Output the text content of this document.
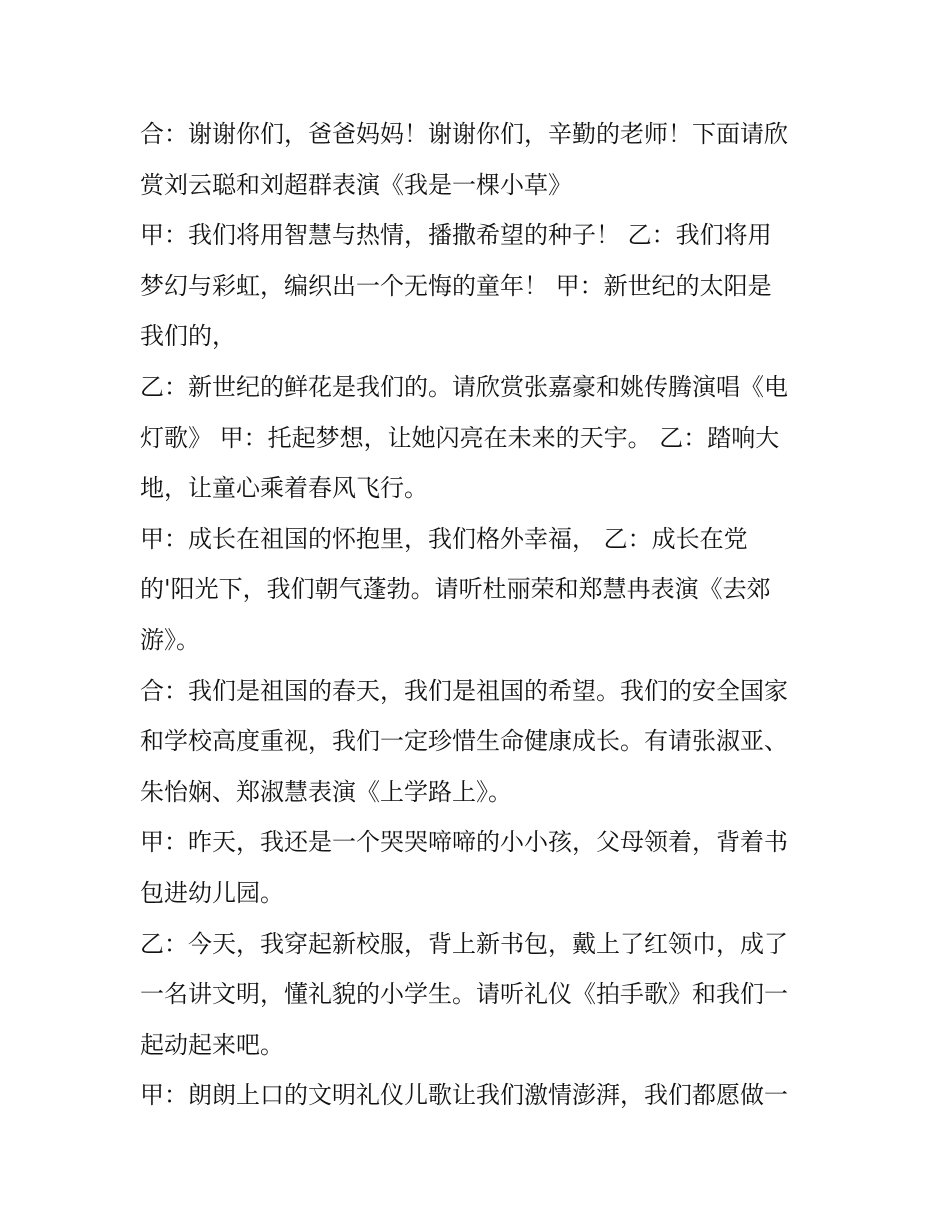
合：谢谢你们，爸爸妈妈！谢谢你们，辛勤的老师！下面请欣

赏刘云聪和刘超群表演《我是一棵小草》

甲：我们将用智慧与热情，播撒希望的种子！ 乙：我们将用

梦幻与彩虹，编织出一个无悔的童年！ 甲：新世纪的太阳是

我们的，

乙：新世纪的鲜花是我们的。请欣赏张嘉豪和姚传腾演唱《电

灯歌》 甲：托起梦想，让她闪亮在未来的天宇。 乙：踏响大

地，让童心乘着春风飞行。

甲：成长在祖国的怀抱里，我们格外幸福， 乙：成长在党

的'阳光下，我们朝气蓬勃。请听杜丽荣和郑慧冉表演《去郊

游》。

合：我们是祖国的春天，我们是祖国的希望。我们的安全国家

和学校高度重视，我们一定珍惜生命健康成长。有请张淑亚、

朱怡娴、郑淑慧表演《上学路上》。

甲：昨天，我还是一个哭哭啼啼的小小孩，父母领着，背着书

包进幼儿园。

乙：今天，我穿起新校服，背上新书包，戴上了红领巾，成了

一名讲文明，懂礼貌的小学生。请听礼仪《拍手歌》和我们一

起动起来吧。

甲：朗朗上口的文明礼仪儿歌让我们激情澎湃，我们都愿做一
